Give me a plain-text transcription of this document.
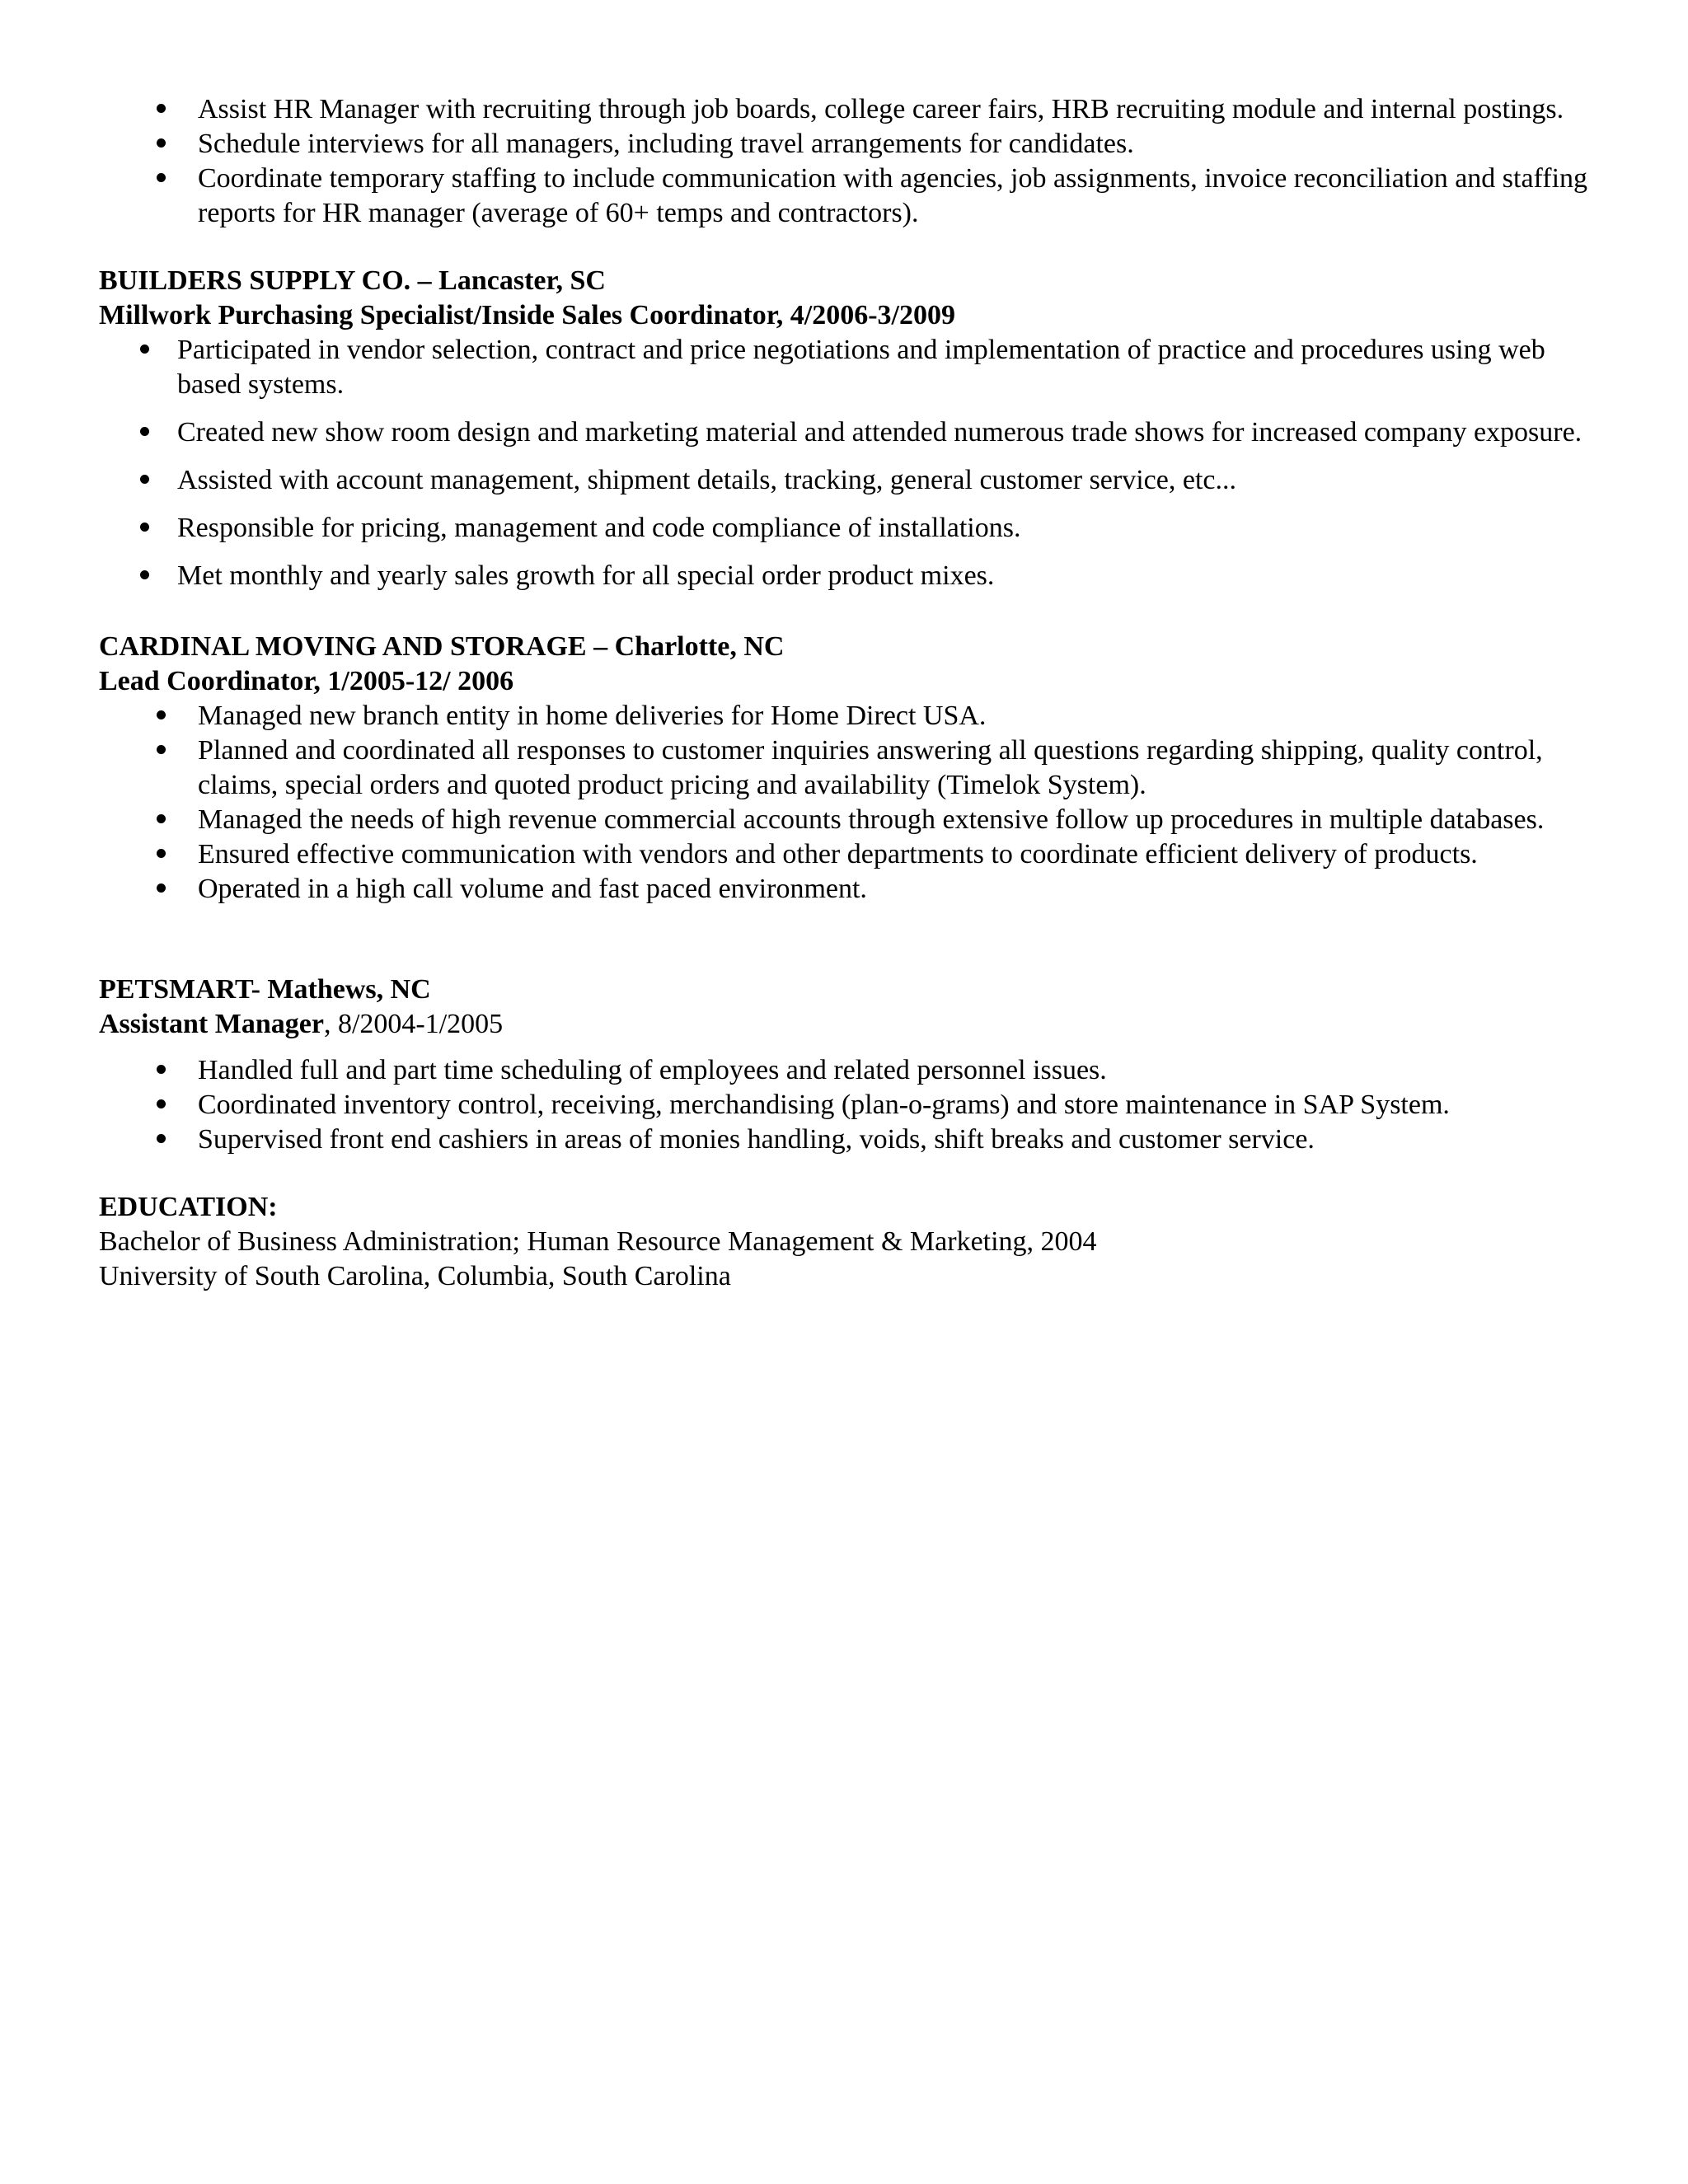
Assist HR Manager with recruiting through job boards, college career fairs, HRB recruiting module and internal postings.
Schedule interviews for all managers, including travel arrangements for candidates.
Coordinate temporary staffing to include communication with agencies, job assignments, invoice reconciliation and staffing reports for HR manager (average of 60+ temps and contractors).
BUILDERS SUPPLY CO. – Lancaster, SC
Millwork Purchasing Specialist/Inside Sales Coordinator, 4/2006-3/2009
Participated in vendor selection, contract and price negotiations and implementation of practice and procedures using web based systems.
Created new show room design and marketing material and attended numerous trade shows for increased company exposure.
Assisted with account management, shipment details, tracking, general customer service, etc...
Responsible for pricing, management and code compliance of installations.
Met monthly and yearly sales growth for all special order product mixes.
CARDINAL MOVING AND STORAGE – Charlotte, NC
Lead Coordinator, 1/2005-12/ 2006
Managed new branch entity in home deliveries for Home Direct USA.
Planned and coordinated all responses to customer inquiries answering all questions regarding shipping, quality control, claims, special orders and quoted product pricing and availability (Timelok System).
Managed the needs of high revenue commercial accounts through extensive follow up procedures in multiple databases.
Ensured effective communication with vendors and other departments to coordinate efficient delivery of products.
Operated in a high call volume and fast paced environment.
PETSMART- Mathews, NC
Assistant Manager, 8/2004-1/2005
Handled full and part time scheduling of employees and related personnel issues.
Coordinated inventory control, receiving, merchandising (plan-o-grams) and store maintenance in SAP System.
Supervised front end cashiers in areas of monies handling, voids, shift breaks and customer service.
EDUCATION:
Bachelor of Business Administration; Human Resource Management & Marketing, 2004
University of South Carolina, Columbia, South Carolina
